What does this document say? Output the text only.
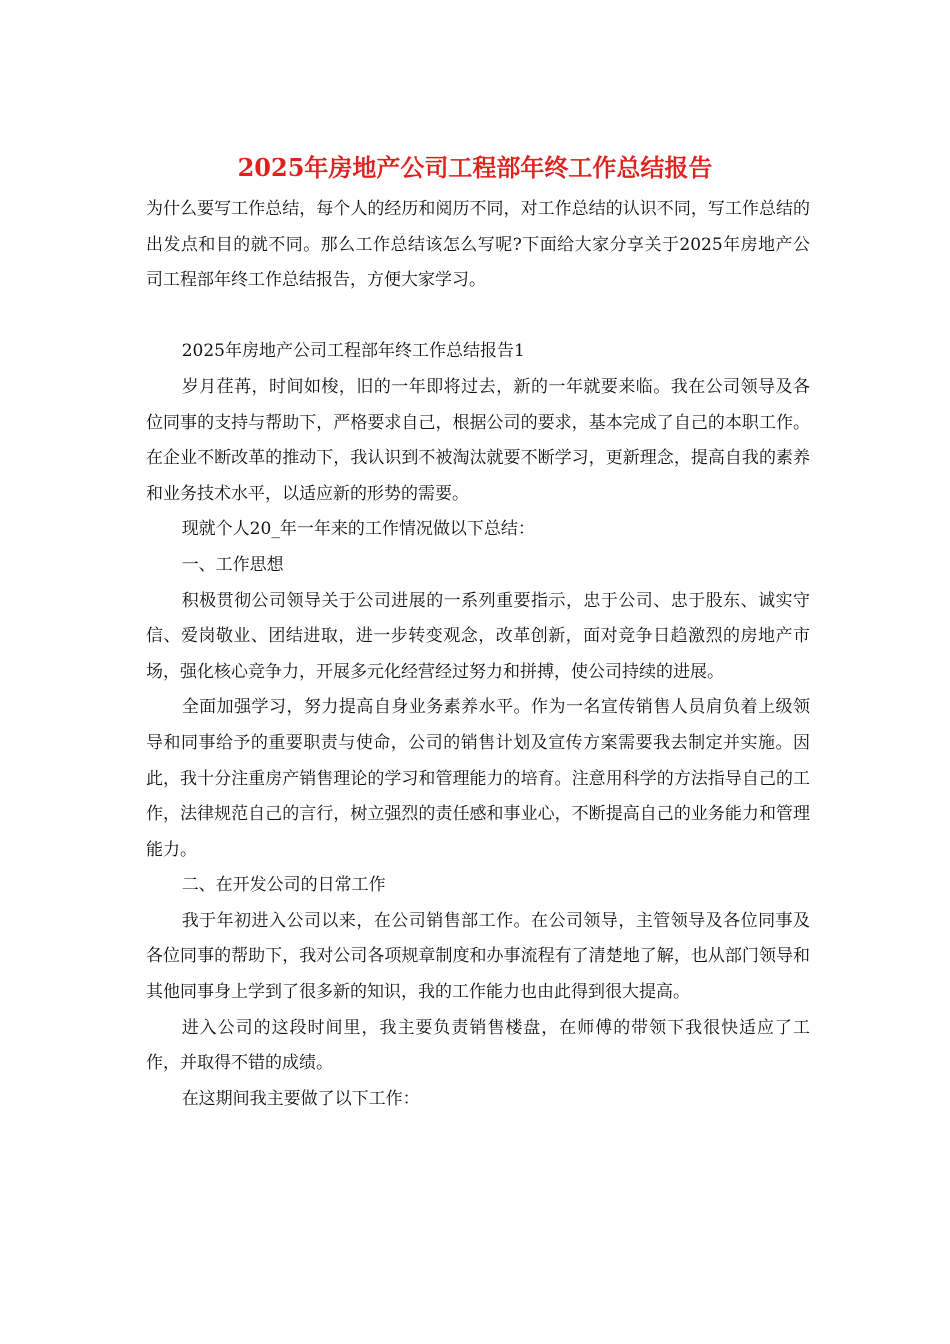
2025年房地产公司工程部年终工作总结报告

为什么要写工作总结，每个人的经历和阅历不同，对工作总结的认识不同，写工作总结的出发点和目的就不同。那么工作总结该怎么写呢?下面给大家分享关于2025年房地产公司工程部年终工作总结报告，方便大家学习。

2025年房地产公司工程部年终工作总结报告1

岁月荏苒，时间如梭，旧的一年即将过去，新的一年就要来临。我在公司领导及各位同事的支持与帮助下，严格要求自己，根据公司的要求，基本完成了自己的本职工作。在企业不断改革的推动下，我认识到不被淘汰就要不断学习，更新理念，提高自我的素养和业务技术水平，以适应新的形势的需要。

现就个人20_年一年来的工作情况做以下总结：

一、工作思想

积极贯彻公司领导关于公司进展的一系列重要指示，忠于公司、忠于股东、诚实守信、爱岗敬业、团结进取，进一步转变观念，改革创新，面对竞争日趋激烈的房地产市场，强化核心竞争力，开展多元化经营经过努力和拼搏，使公司持续的进展。

全面加强学习，努力提高自身业务素养水平。作为一名宣传销售人员肩负着上级领导和同事给予的重要职责与使命，公司的销售计划及宣传方案需要我去制定并实施。因此，我十分注重房产销售理论的学习和管理能力的培育。注意用科学的方法指导自己的工作，法律规范自己的言行，树立强烈的责任感和事业心，不断提高自己的业务能力和管理能力。

二、在开发公司的日常工作

我于年初进入公司以来，在公司销售部工作。在公司领导，主管领导及各位同事及各位同事的帮助下，我对公司各项规章制度和办事流程有了清楚地了解，也从部门领导和其他同事身上学到了很多新的知识，我的工作能力也由此得到很大提高。

进入公司的这段时间里，我主要负责销售楼盘，在师傅的带领下我很快适应了工作，并取得不错的成绩。

在这期间我主要做了以下工作：
